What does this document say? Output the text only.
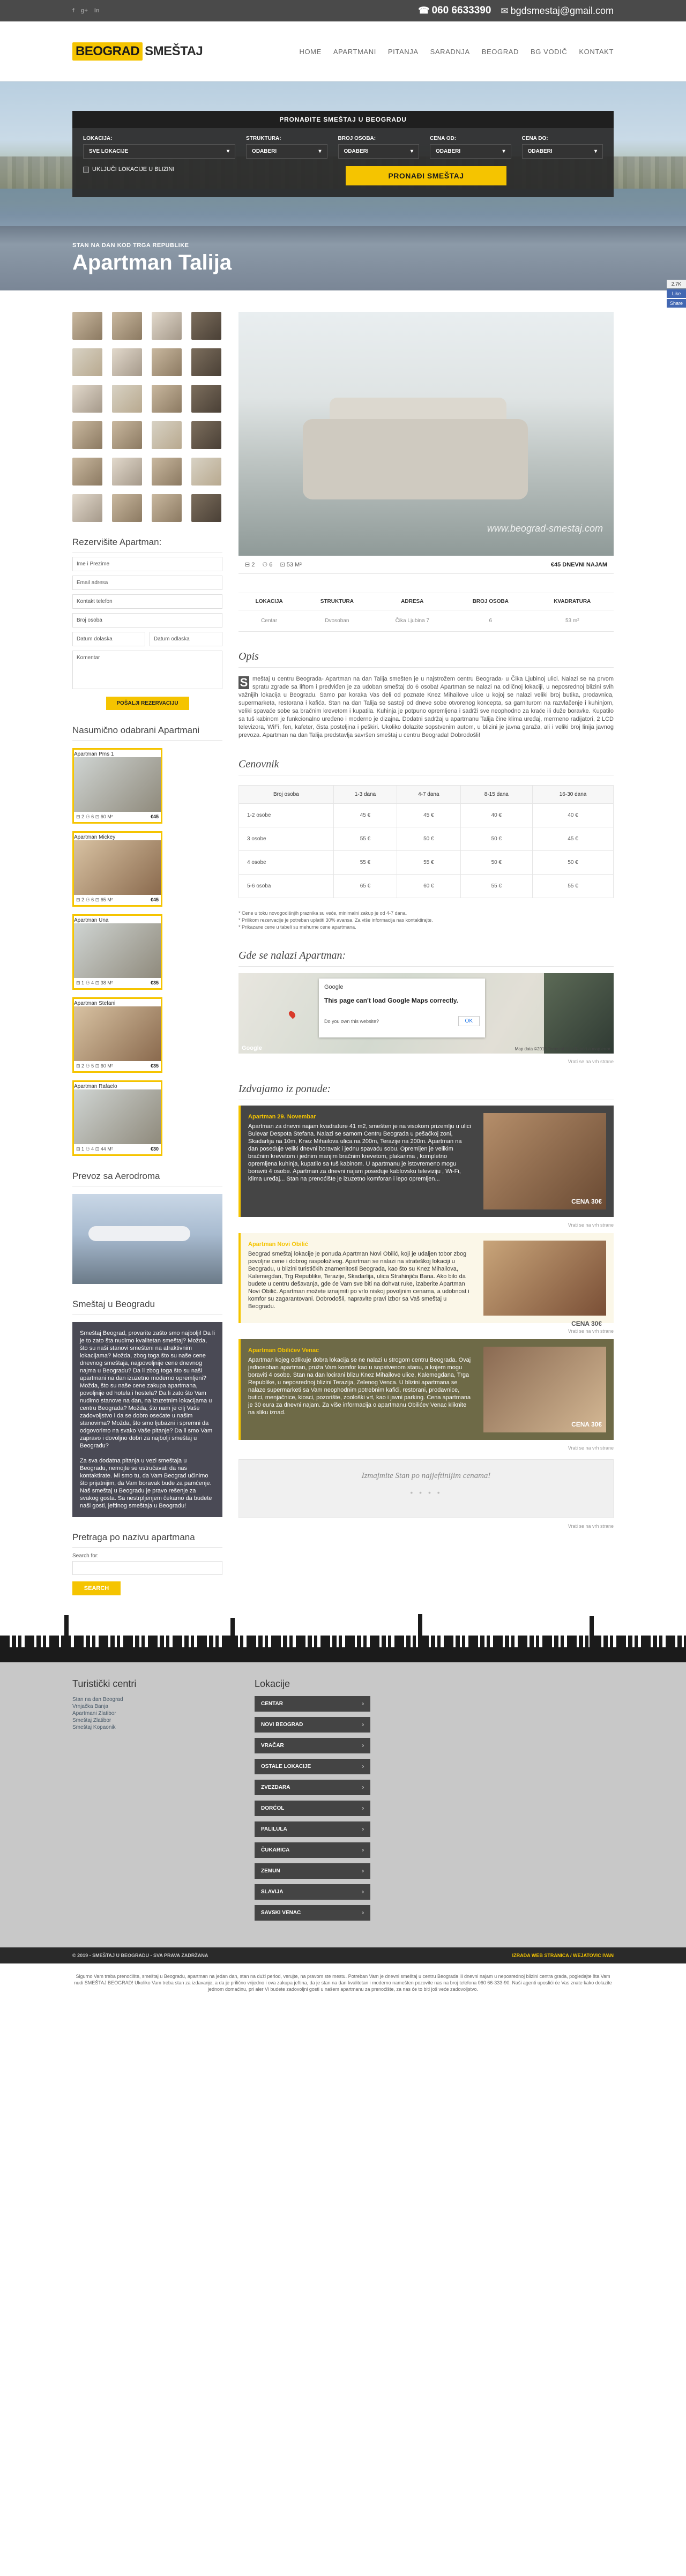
f g+ in	☎ 060 6633390 ✉ bgdsmestaj@gmail.com
BEOGRAD SMEŠTAJ	HOME APARTMANI PITANJA SARADNJA BEOGRAD BG VODIČ KONTAKT
PRONAĐITE SMEŠTAJ U BEOGRADU
LOKACIJA:
SVE LOKACIJE	▾
STRUKTURA:
ODABERI	▾
BROJ OSOBA:
ODABERI	▾
CENA OD:
ODABERI	▾
CENA DO:
ODABERI	▾
UKLJUČI LOKACIJE U BLIZINI
PRONAĐI SMEŠTAJ
STAN NA DAN KOD TRGA REPUBLIKE
Apartman Talija
2.7K
Like
Share
Rezervišite Apartman:
Ime i Prezime
Email adresa
Kontakt telefon
Broj osoba
Datum dolaska	Datum odlaska
Komentar
POŠALJI REZERVACIJU
Nasumično odabrani Apartmani
Apartman Pms 1
⊟ 2 ⚇ 6 ⊡ 60 M²	€45
Apartman Mickey
⊟ 2 ⚇ 6 ⊡ 65 M²	€45
Apartman Una
⊟ 1 ⚇ 4 ⊡ 38 M²	€35
Apartman Stefani
⊟ 2 ⚇ 5 ⊡ 60 M²	€35
Apartman Rafaelo
⊟ 1 ⚇ 4 ⊡ 44 M²	€30
Prevoz sa Aerodroma
Smeštaj u Beogradu

Smeštaj Beograd, provarite zašto smo najbolji! Da li je to zato šta nudimo kvalitetan smeštaj? Možda, što su naši stanovi smešteni na atraktivnim lokacijama? Možda, zbog toga što su naše cene dnevnog smeštaja, najpovoljnije cene dnevnog najma u Beogradu? Da li zbog toga što su naši apartmani na dan izuzetno moderno opremljeni? Možda, što su naše cene zakupa apartmana, povoljnije od hotela i hostela? Da li zato što Vam nudimo stanove na dan, na izuzetnim lokacijama u centru Beograda? Možda, što nam je cilj Vaše zadovoljstvo i da se dobro osećate u našim stanovima? Možda, što smo ljubazni i spremni da odgovorimo na svako Vaše pitanje? Da li smo Vam zapravo i dovoljno dobri za najbolji smeštaj u Beogradu?

Za sva dodatna pitanja u vezi smeštaja u Beogradu, nemojte se ustručavati da nas kontaktirate. Mi smo tu, da Vam Beograd učinimo što prijatnijim, da Vam boravak bude za pamćenje. Naš smeštaj u Beogradu je pravo rešenje za svakog gosta. Sa nestrpljenjem čekamo da budete naši gosti, jeftinog smeštaja u Beogradu!

Pretraga po nazivu apartmana
Search for:
SEARCH
www.beograd-smestaj.com
⊟ 2 ⚇ 6 ⊡ 53 M²	€45 DNEVNI NAJAM
LOKACIJA	STRUKTURA	ADRESA	BROJ OSOBA	KVADRATURA
Centar	Dvosoban	Čika Ljubina 7	6	53 m²
Opis
S meštaj u centru Beograda- Apartman na dan Talija smešten je u najstrožem centru Beograda- u Čika Ljubinoj ulici. Nalazi se na prvom spratu zgrade sa liftom i predviđen je za udoban smeštaj do 6 osoba! Apartman se nalazi na odličnoj lokaciji, u neposrednoj blizini svih važnijih lokacija u Beogradu. Samo par koraka Vas deli od poznate Knez Mihailove ulice u kojoj se nalazi veliki broj butika, prodavnica, supermarketa, restorana i kafića. Stan na dan Talija se sastoji od dneve sobe otvorenog koncepta, sa garniturom na razvlačenje i kuhinjom, veliki spavaće sobe sa bračnim krevetom i kupatila. Kuhinja je potpuno opremljena i sadrži sve neophodno za kraće ili duže boravke. Kupatilo sa tuš kabinom je funkcionalno uređeno i moderno je dizajna. Dodatni sadržaj u apartmanu Talija čine klima uređaj, mermeno radijatori, 2 LCD televizora, WiFi, fen, kafeter, čista posteljina i peškiri. Ukoliko dolazite sopstvenim autom, u blizini je javna garaža, ali i veliki broj linija javnog prevoza. Apartman na dan Talija predstavlja savršen smeštaj u centru Beograda! Dobrodošli!
Cenovnik
Broj osoba	1-3 dana	4-7 dana	8-15 dana	16-30 dana
1-2 osobe	45 €	45 €	40 €	40 €
3 osobe	55 €	50 €	50 €	45 €
4 osobe	55 €	55 €	50 €	50 €
5-6 osoba	65 €	60 €	55 €	55 €
* Cene u toku novogodišnjih praznika su veće, minimalni zakup je od 4-7 dana.
* Prilikom rezervacije je potreban uplatiti 30% avansa. Za više informacija nas kontaktirajte.
* Prikazane cene u tabeli su mehurne cene apartmana.
Gde se nalazi Apartman:
Google
This page can't load Google Maps correctly.
Do you own this website?	OK
Google	Map data ©2018 Terms of Use Report a map error
Vrati se na vrh strane
Izdvajamo iz ponude:
Apartman 29. Novembar
Apartman za dnevni najam kvadrature 41 m2, smešten je na visokom prizemlju u ulici Bulevar Despota Stefana. Nalazi se samom Centru Beograda u pešačkoj zoni, Skadarlija na 10m, Knez Mihailova ulica na 200m, Terazije na 200m. Apartman na dan poseduje veliki dnevni boravak i jednu spavaću sobu. Opremljen je velikim bračnim krevetom i jednim manjim bračnim krevetom, plakarima , kompletno opremljena kuhinja, kupatilo sa tuš kabinom. U apartmanu je istovremeno mogu boraviti 4 osobe. Apartman za dnevni najam poseduje kablovsku televiziju , Wi-Fi, klima uređaj... Stan na prenoćište je izuzetno komforan i lepo opremljen...
CENA 30€
Vrati se na vrh strane
Apartman Novi Obilić
Beograd smeštaj lokacije je ponuda Apartman Novi Obilić, koji je udaljen tobor zbog povoljne cene i dobrog raspoloživog. Apartman se nalazi na strateškoj lokaciji u Beogradu, u blizini turističkih znamenitosti Beograda, kao što su Knez Mihailova, Kalemegdan, Trg Republike, Terazije, Skadarlija, ulica Strahinjića Bana. Ako bilo da budete u centru dešavanja, gde će Vam sve biti na dohvat ruke, izaberite Apartman Novi Obilić. Apartman možete iznajmiti po vrlo niskoj povoljnim cenama, a udobnost i komfor su zagarantovani. Dobrodošli, napravite pravi izbor sa Vaš smeštaj u Beogradu.
CENA 30€
Vrati se na vrh strane
Apartman Obilićev Venac
Apartman kojeg odlikuje dobra lokacija se ne nalazi u strogom centru Beograda. Ovaj jednosoban apartman, pruža Vam komfor kao u sopstvenom stanu, a kojem mogu boraviti 4 osobe. Stan na dan locirani blizu Knez Mihailove ulice, Kalemegdana, Trga Republike, u neposrednoj blizini Terazija, Zelenog Venca. U blizini apartmana se nalaze supermarketi sa Vam neophodnim potrebnim kafići, restorani, prodavnice, butici, menjačnice, kiosci, pozorište, zoološki vrt, kao i javni parking. Cena apartmana je 30 eura za dnevni najam. Za više informacija o apartmanu Obilićev Venac kliknite na sliku iznad.
CENA 30€
Vrati se na vrh strane
Izmajmite Stan po najjeftinijim cenama!
• • • •
Vrati se na vrh strane
Turistički centri
Stan na dan Beograd
Vrnjačka Banja
Apartmani Zlatibor
Smeštaj Zlatibor
Smeštaj Kopaonik
Lokacije
CENTAR	›
NOVI BEOGRAD	›
VRAČAR	›
OSTALE LOKACIJE	›
ZVEZDARA	›
DORĆOL	›
PALILULA	›
ČUKARICA	›
ZEMUN	›
SLAVIJA	›
SAVSKI VENAC	›
© 2019 - SMEŠTAJ U BEOGRADU - SVA PRAVA ZADRŽANA	IZRADA WEB STRANICA / WEJATOVIC IVAN

Sigurno Vam treba prenoćište, smeštaj u Beogradu, apartman na jedan dan, stan na duži period, verujte, na pravom ste mestu. Potreban Vam je dnevni smeštaj u centru Beograda ili dnevni najam u neposrednoj blizini centra grada, pogledajte šta Vam nudi SMEŠTAJ BEOGRAD! Ukoliko Vam treba stan za izdavanje, a da je prilično vrijedno i ova zakupa jeftina, da je stan na dan kvalitetan i moderno namešten pozovite nas na broj telefona 060 66-333-90. Naši agenti uposlići će Vas znate kako dolazite jednom domaćinu, pri aler Vi budete zadovoljni gosti u našem apartmanu za prenoćište, za nas će to biti još veće zadovoljstvo.
